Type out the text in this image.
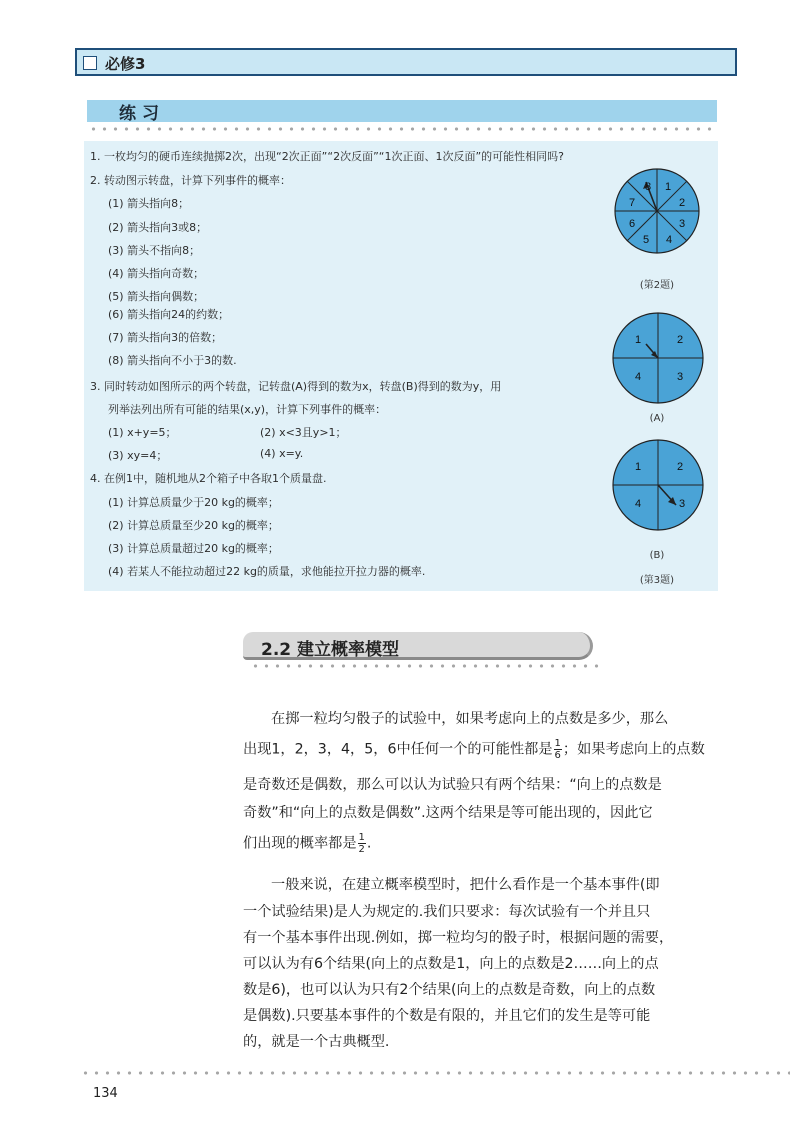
必修3
练习
1. 一枚均匀的硬币连续抛掷2次，出现“2次正面”“2次反面”“1次正面、1次反面”的可能性相同吗?
2. 转动图示转盘，计算下列事件的概率：
(1) 箭头指向8；
(2) 箭头指向3或8；
(3) 箭头不指向8；
(4) 箭头指向奇数；
(5) 箭头指向偶数；
(6) 箭头指向24的约数；
(7) 箭头指向3的倍数；
(8) 箭头指向不小于3的数.
3. 同时转动如图所示的两个转盘，记转盘(A)得到的数为x，转盘(B)得到的数为y，用
列举法列出所有可能的结果(x,y)，计算下列事件的概率：
(1) x+y=5；	(2) x<3且y>1；
(3) xy=4；	(4) x=y.
4. 在例1中，随机地从2个箱子中各取1个质量盘.
(1) 计算总质量少于20 kg的概率；
(2) 计算总质量至少20 kg的概率；
(3) 计算总质量超过20 kg的概率；
(4) 若某人不能拉动超过22 kg的质量，求他能拉开拉力器的概率.
1
2
3
4
5
6
7
8
(第2题)
1	2
3
4
(A)
1	2
3
4
(B)
(第3题)
2.2 建立概率模型
在掷一粒均匀骰子的试验中，如果考虑向上的点数是多少，那么
出现1，2，3，4，5，6中任何一个的可能性都是 $\frac{1}{6}$ ；如果考虑向上的点数
是奇数还是偶数，那么可以认为试验只有两个结果：“向上的点数是
奇数”和“向上的点数是偶数”.这两个结果是等可能出现的，因此它
们出现的概率都是 $\frac{1}{2}$ .
一般来说，在建立概率模型时，把什么看作是一个基本事件(即
一个试验结果)是人为规定的.我们只要求：每次试验有一个并且只
有一个基本事件出现.例如，掷一粒均匀的骰子时，根据问题的需要，
可以认为有6个结果(向上的点数是1，向上的点数是2……向上的点
数是6)，也可以认为只有2个结果(向上的点数是奇数，向上的点数
是偶数).只要基本事件的个数是有限的，并且它们的发生是等可能
的，就是一个古典概型.
134
